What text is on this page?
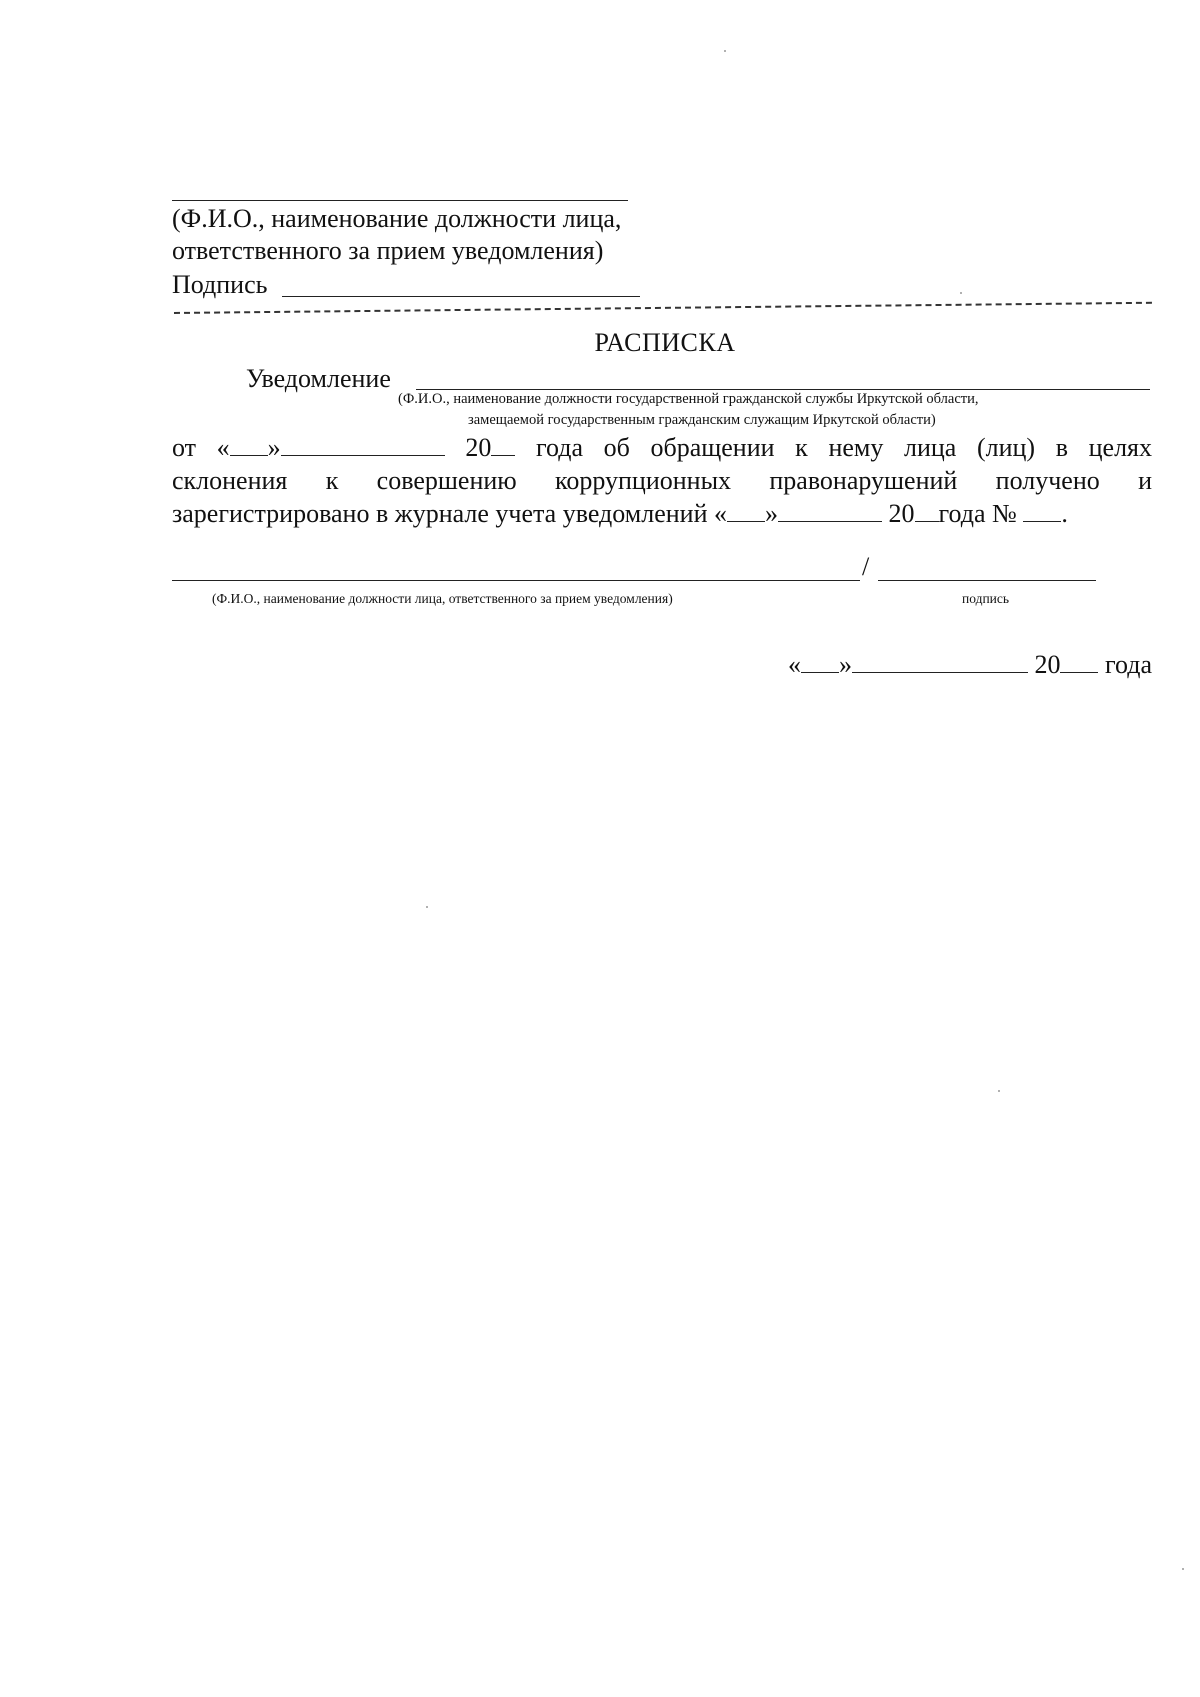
(Ф.И.О., наименование должности лица,
ответственного за прием уведомления)
Подпись
РАСПИСКА
Уведомление
(Ф.И.О., наименование должности государственной гражданской службы Иркутской области,
замещаемой государственным гражданским служащим Иркутской области)
от « »	20 года об обращении к нему лица (лиц) в целях
склонения к совершению коррупционных правонарушений получено и
зарегистрировано в журнале учета уведомлений « »	20 года № .
/
(Ф.И.О., наименование должности лица, ответственного за прием уведомления)	подпись
« »	20 года
